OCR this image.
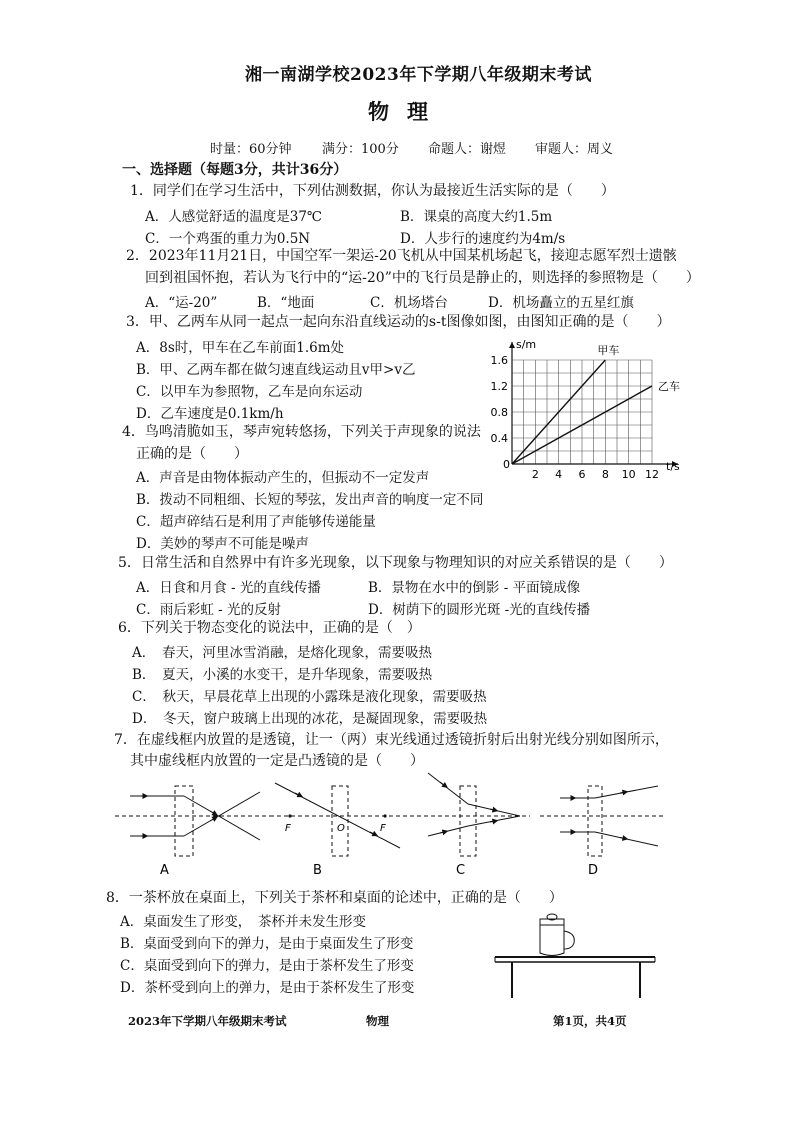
湘一南湖学校2023年下学期八年级期末考试
物理
时量：60分钟 满分：100分 命题人：谢煜 审题人：周义
一、选择题（每题3分，共计36分）
1．同学们在学习生活中，下列估测数据，你认为最接近生活实际的是（　　）
A．人感觉舒适的温度是37℃	B．课桌的高度大约1.5m
C．一个鸡蛋的重力为0.5N	D．人步行的速度约为4m/s
2．2023年11月21日，中国空军一架运-20飞机从中国某机场起飞，接迎志愿军烈士遗骸
回到祖国怀抱，若认为飞行中的“运-20”中的飞行员是静止的，则选择的参照物是（　　）
A．“运-20”	B．“地面	C．机场塔台	D．机场矗立的五星红旗
3．甲、乙两车从同一起点一起向东沿直线运动的s-t图像如图，由图知正确的是（　　）
A．8s时，甲车在乙车前面1.6m处
B．甲、乙两车都在做匀速直线运动且v甲>v乙
C．以甲车为参照物，乙车是向东运动
D．乙车速度是0.1km/h
s/m
t/s
0
2 4 6 8 10 12
0.4
0.8
1.2
1.6
甲车
乙车
4．鸟鸣清脆如玉，琴声宛转悠扬，下列关于声现象的说法
正确的是（　　）
A．声音是由物体振动产生的，但振动不一定发声
B．拨动不同粗细、长短的琴弦，发出声音的响度一定不同
C．超声碎结石是利用了声能够传递能量
D．美妙的琴声不可能是噪声
5．日常生活和自然界中有许多光现象，以下现象与物理知识的对应关系错误的是（　　）
A．日食和月食 - 光的直线传播	B．景物在水中的倒影 - 平面镜成像
C．雨后彩虹 - 光的反射	D．树荫下的圆形光斑 -光的直线传播
6．下列关于物态变化的说法中，正确的是（　）
A．　春天，河里冰雪消融，是熔化现象，需要吸热
B．　夏天，小溪的水变干，是升华现象，需要吸热
C．　秋天，早晨花草上出现的小露珠是液化现象，需要吸热
D．　冬天，窗户玻璃上出现的冰花，是凝固现象，需要吸热
7．在虚线框内放置的是透镜，让一（两）束光线通过透镜折射后出射光线分别如图所示，
其中虚线框内放置的一定是凸透镜的是（　　）
A
F	O	F
B	C	D
8．一茶杯放在桌面上，下列关于茶杯和桌面的论述中，正确的是（　　）
A．桌面发生了形变，　茶杯并未发生形变
B．桌面受到向下的弹力，是由于桌面发生了形变
C．桌面受到向下的弹力，是由于茶杯发生了形变
D．茶杯受到向上的弹力，是由于茶杯发生了形变
2023年下学期八年级期末考试	物理	第1页，共4页
